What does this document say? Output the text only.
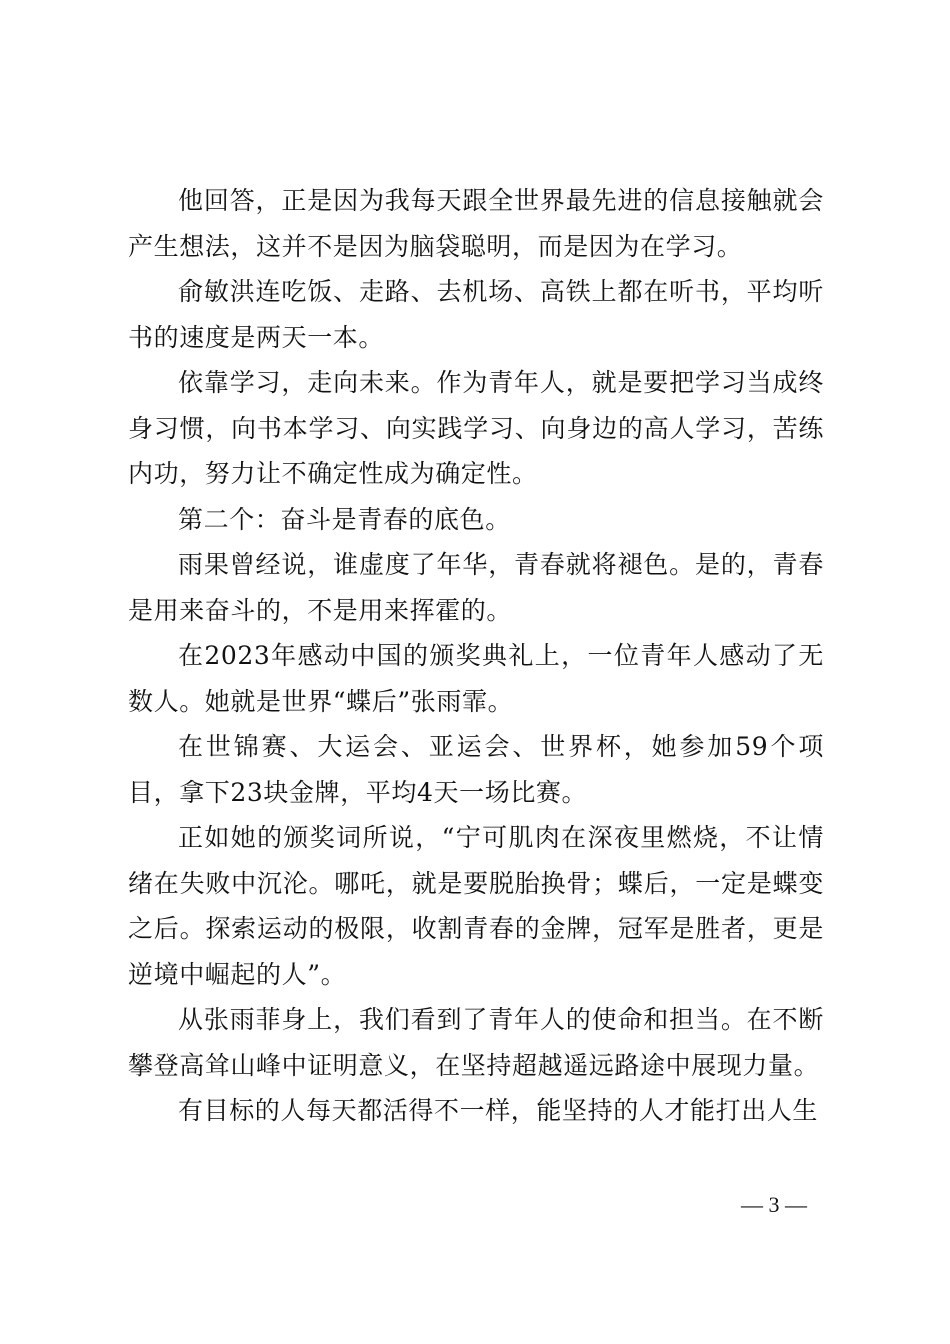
他回答，正是因为我每天跟全世界最先进的信息接触就会产生想法，这并不是因为脑袋聪明，而是因为在学习。

俞敏洪连吃饭、走路、去机场、高铁上都在听书，平均听书的速度是两天一本。

依靠学习，走向未来。作为青年人，就是要把学习当成终身习惯，向书本学习、向实践学习、向身边的高人学习，苦练内功，努力让不确定性成为确定性。

第二个：奋斗是青春的底色。

雨果曾经说，谁虚度了年华，青春就将褪色。是的，青春是用来奋斗的，不是用来挥霍的。

在2023年感动中国的颁奖典礼上，一位青年人感动了无数人。她就是世界“蝶后”张雨霏。

在世锦赛、大运会、亚运会、世界杯，她参加59个项目，拿下23块金牌，平均4天一场比赛。

正如她的颁奖词所说，“宁可肌肉在深夜里燃烧，不让情绪在失败中沉沦。哪吒，就是要脱胎换骨；蝶后，一定是蝶变之后。探索运动的极限，收割青春的金牌，冠军是胜者，更是逆境中崛起的人”。

从张雨菲身上，我们看到了青年人的使命和担当。在不断攀登高耸山峰中证明意义，在坚持超越遥远路途中展现力量。

有目标的人每天都活得不一样，能坚持的人才能打出人生

— 3 —
